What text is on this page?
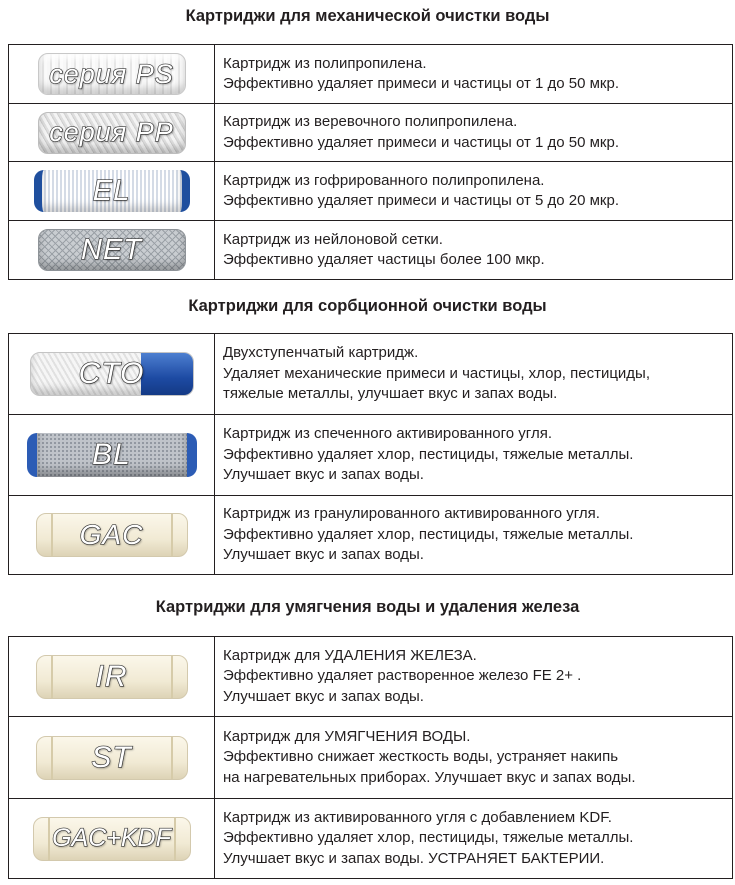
Картриджи для механической очистки воды
серия PS	Картридж из полипропилена.
Эффективно удаляет примеси и частицы от 1 до 50 мкр.

серия PP	Картридж из веревочного полипропилена.
Эффективно удаляет примеси и частицы от 1 до 50 мкр.

EL	Картридж из гофрированного полипропилена.
Эффективно удаляет примеси и частицы от 5 до 20 мкр.

NET	Картридж из нейлоновой сетки.
Эффективно удаляет частицы более 100 мкр.
Картриджи для сорбционной очистки воды
CTO	Двухступенчатый картридж.
Удаляет механические примеси и частицы, хлор, пестициды,
тяжелые металлы, улучшает вкус и запах воды.

BL	Картридж из спеченного активированного угля.
Эффективно удаляет хлор, пестициды, тяжелые металлы.
Улучшает вкус и запах воды.

GAC	Картридж из гранулированного активированного угля.
Эффективно удаляет хлор, пестициды, тяжелые металлы.
Улучшает вкус и запах воды.
Картриджи для умягчения воды и удаления железа
IR	Картридж для УДАЛЕНИЯ ЖЕЛЕЗА.
Эффективно удаляет растворенное железо FE 2+ .
Улучшает вкус и запах воды.

ST	Картридж для УМЯГЧЕНИЯ ВОДЫ.
Эффективно снижает жесткость воды, устраняет накипь
на нагревательных приборах. Улучшает вкус и запах воды.

GAC+KDF	Картридж из активированного угля с добавлением KDF.
Эффективно удаляет хлор, пестициды, тяжелые металлы.
Улучшает вкус и запах воды. УСТРАНЯЕТ БАКТЕРИИ.
